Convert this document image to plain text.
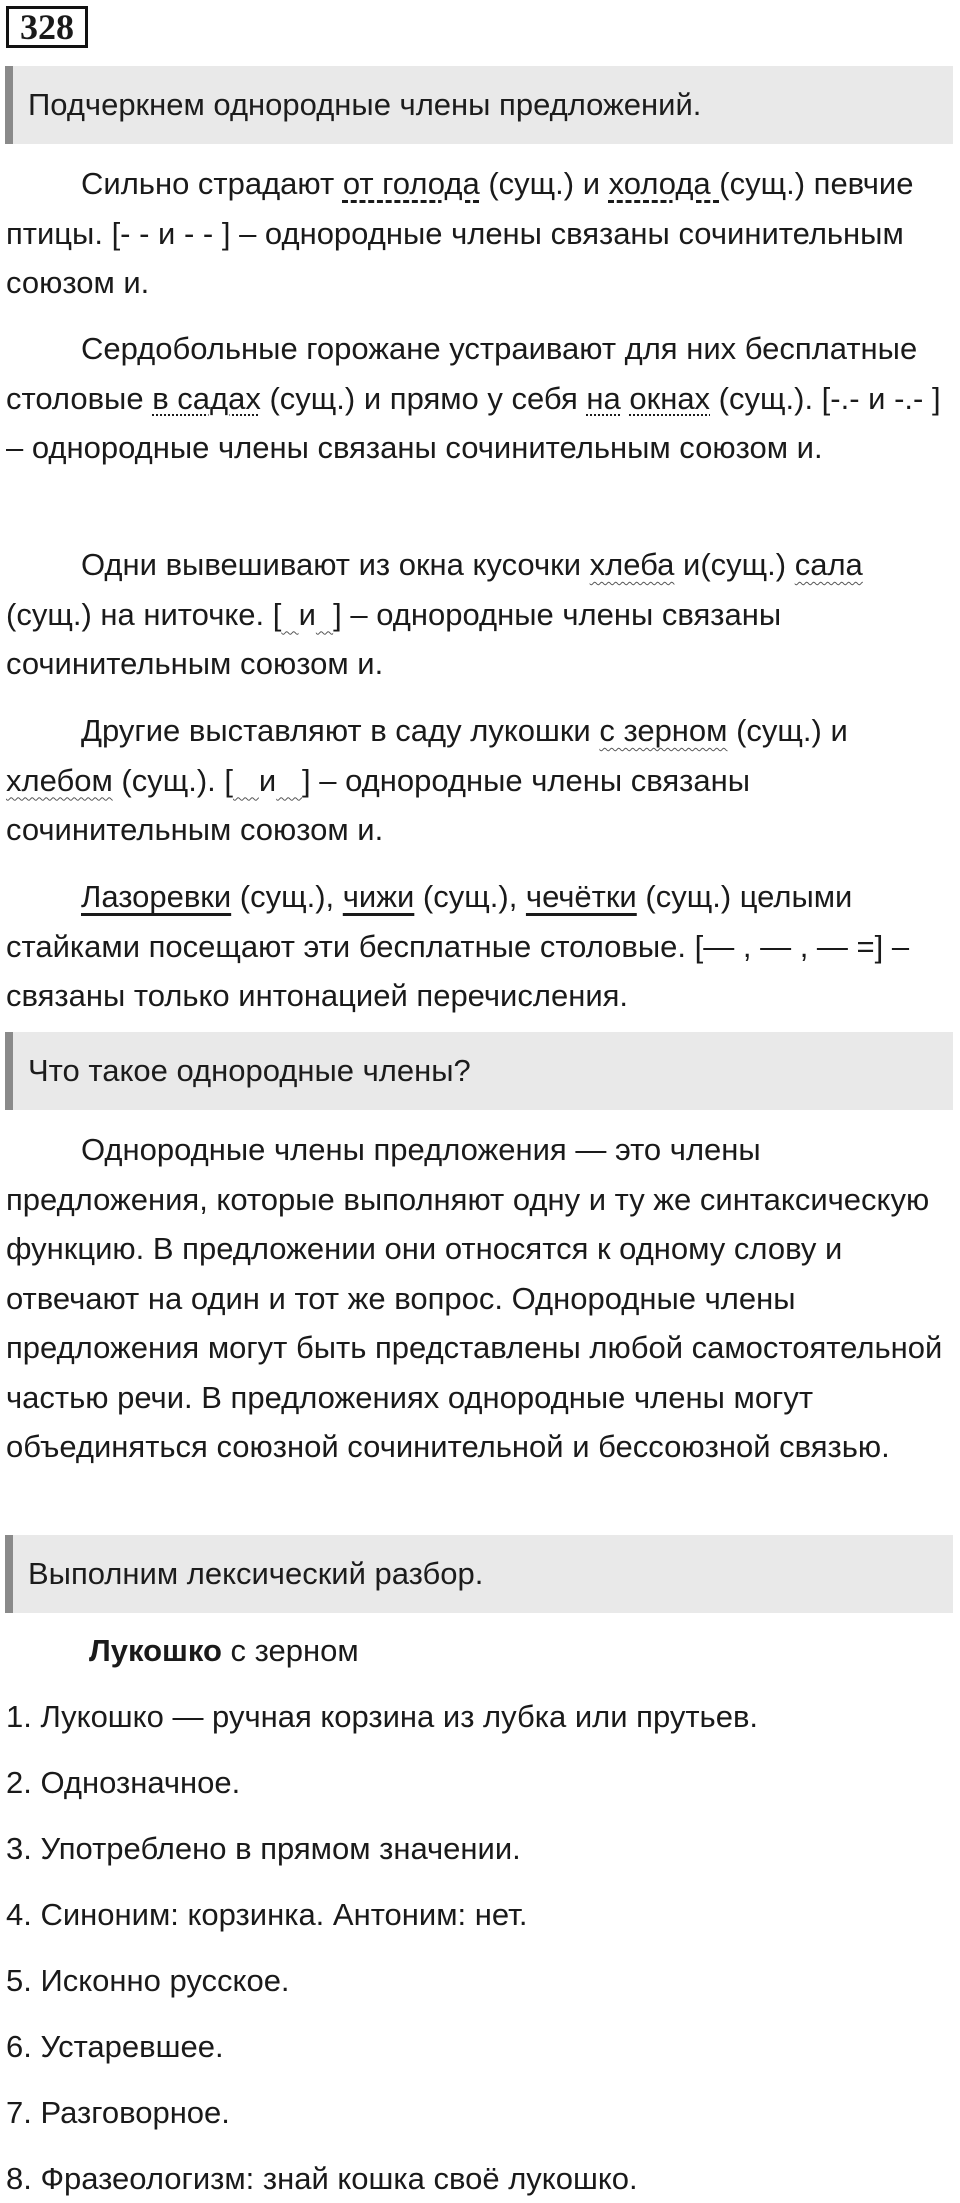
328
Подчеркнем однородные члены предложений.

Сильно страдают от голода (сущ.) и холода (сущ.) певчие птицы. [- - и - - ] – однородные члены связаны сочинительным союзом и.

Сердобольные горожане устраивают для них бесплатные столовые в садах (сущ.) и прямо у себя на окнах (сущ.). [-.- и -.- ] – однородные члены связаны сочинительным союзом и.

Одни вывешивают из окна кусочки хлеба и(сущ.) сала (сущ.) на ниточке. [ и ] – однородные члены связаны сочинительным союзом и.

Другие выставляют в саду лукошки с зерном (сущ.) и хлебом (сущ.). [ и ] – однородные члены связаны сочинительным союзом и.

Лазоревки (сущ.), чижи (сущ.), чечётки (сущ.) целыми стайками посещают эти бесплатные столовые. [— , — , — =] – связаны только интонацией перечисления.

Что такое однородные члены?

Однородные члены предложения — это члены предложения, которые выполняют одну и ту же синтаксическую функцию. В предложении они относятся к одному слову и отвечают на один и тот же вопрос. Однородные члены предложения могут быть представлены любой самостоятельной частью речи. В предложениях однородные члены могут объединяться союзной сочинительной и бессоюзной связью.

Выполним лексический разбор.
Лукошко с зерном
1. Лукошко — ручная корзина из лубка или прутьев.
2. Однозначное.
3. Употреблено в прямом значении.
4. Синоним: корзинка. Антоним: нет.
5. Исконно русское.
6. Устаревшее.
7. Разговорное.
8. Фразеологизм: знай кошка своё лукошко.
